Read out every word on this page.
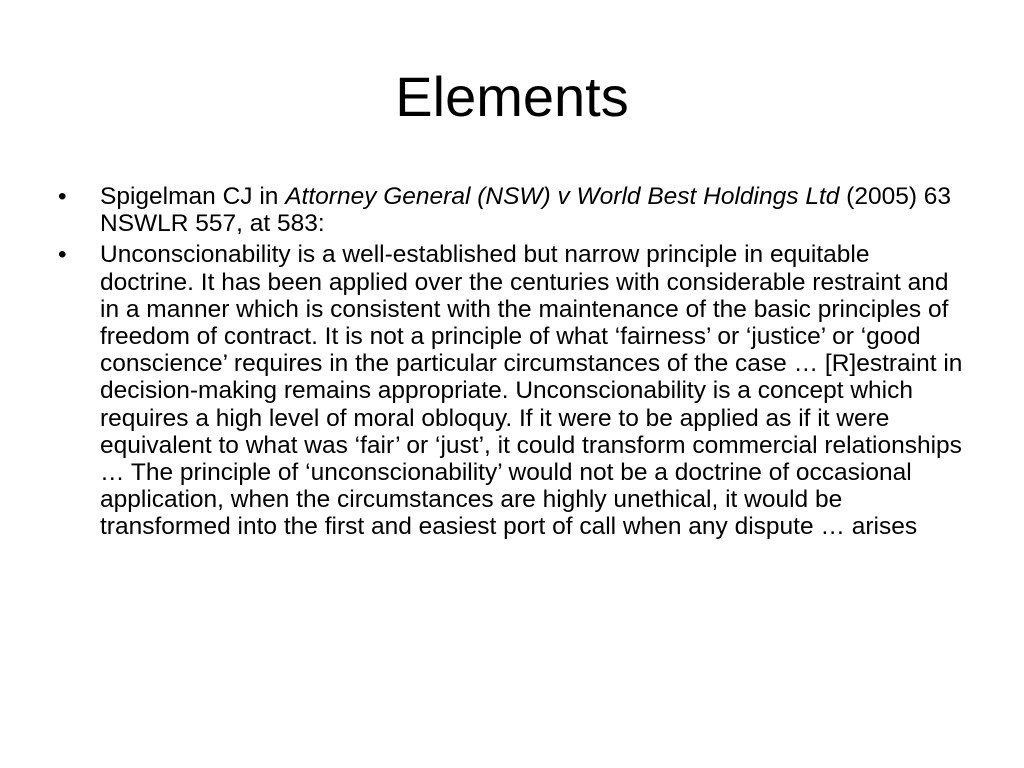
Elements
•	Spigelman CJ in Attorney General (NSW) v World Best Holdings Ltd (2005) 63 NSWLR 557, at 583:
•	Unconscionability is a well-established but narrow principle in equitable doctrine. It has been applied over the centuries with considerable restraint and in a manner which is consistent with the maintenance of the basic principles of freedom of contract. It is not a principle of what ‘fairness’ or ‘justice’ or ‘good conscience’ requires in the particular circumstances of the case … [R]estraint in decision-making remains appropriate. Unconscionability is a concept which requires a high level of moral obloquy. If it were to be applied as if it were equivalent to what was ‘fair’ or ‘just’, it could transform commercial relationships … The principle of ‘unconscionability’ would not be a doctrine of occasional application, when the circumstances are highly unethical, it would be transformed into the first and easiest port of call when any dispute … arises
